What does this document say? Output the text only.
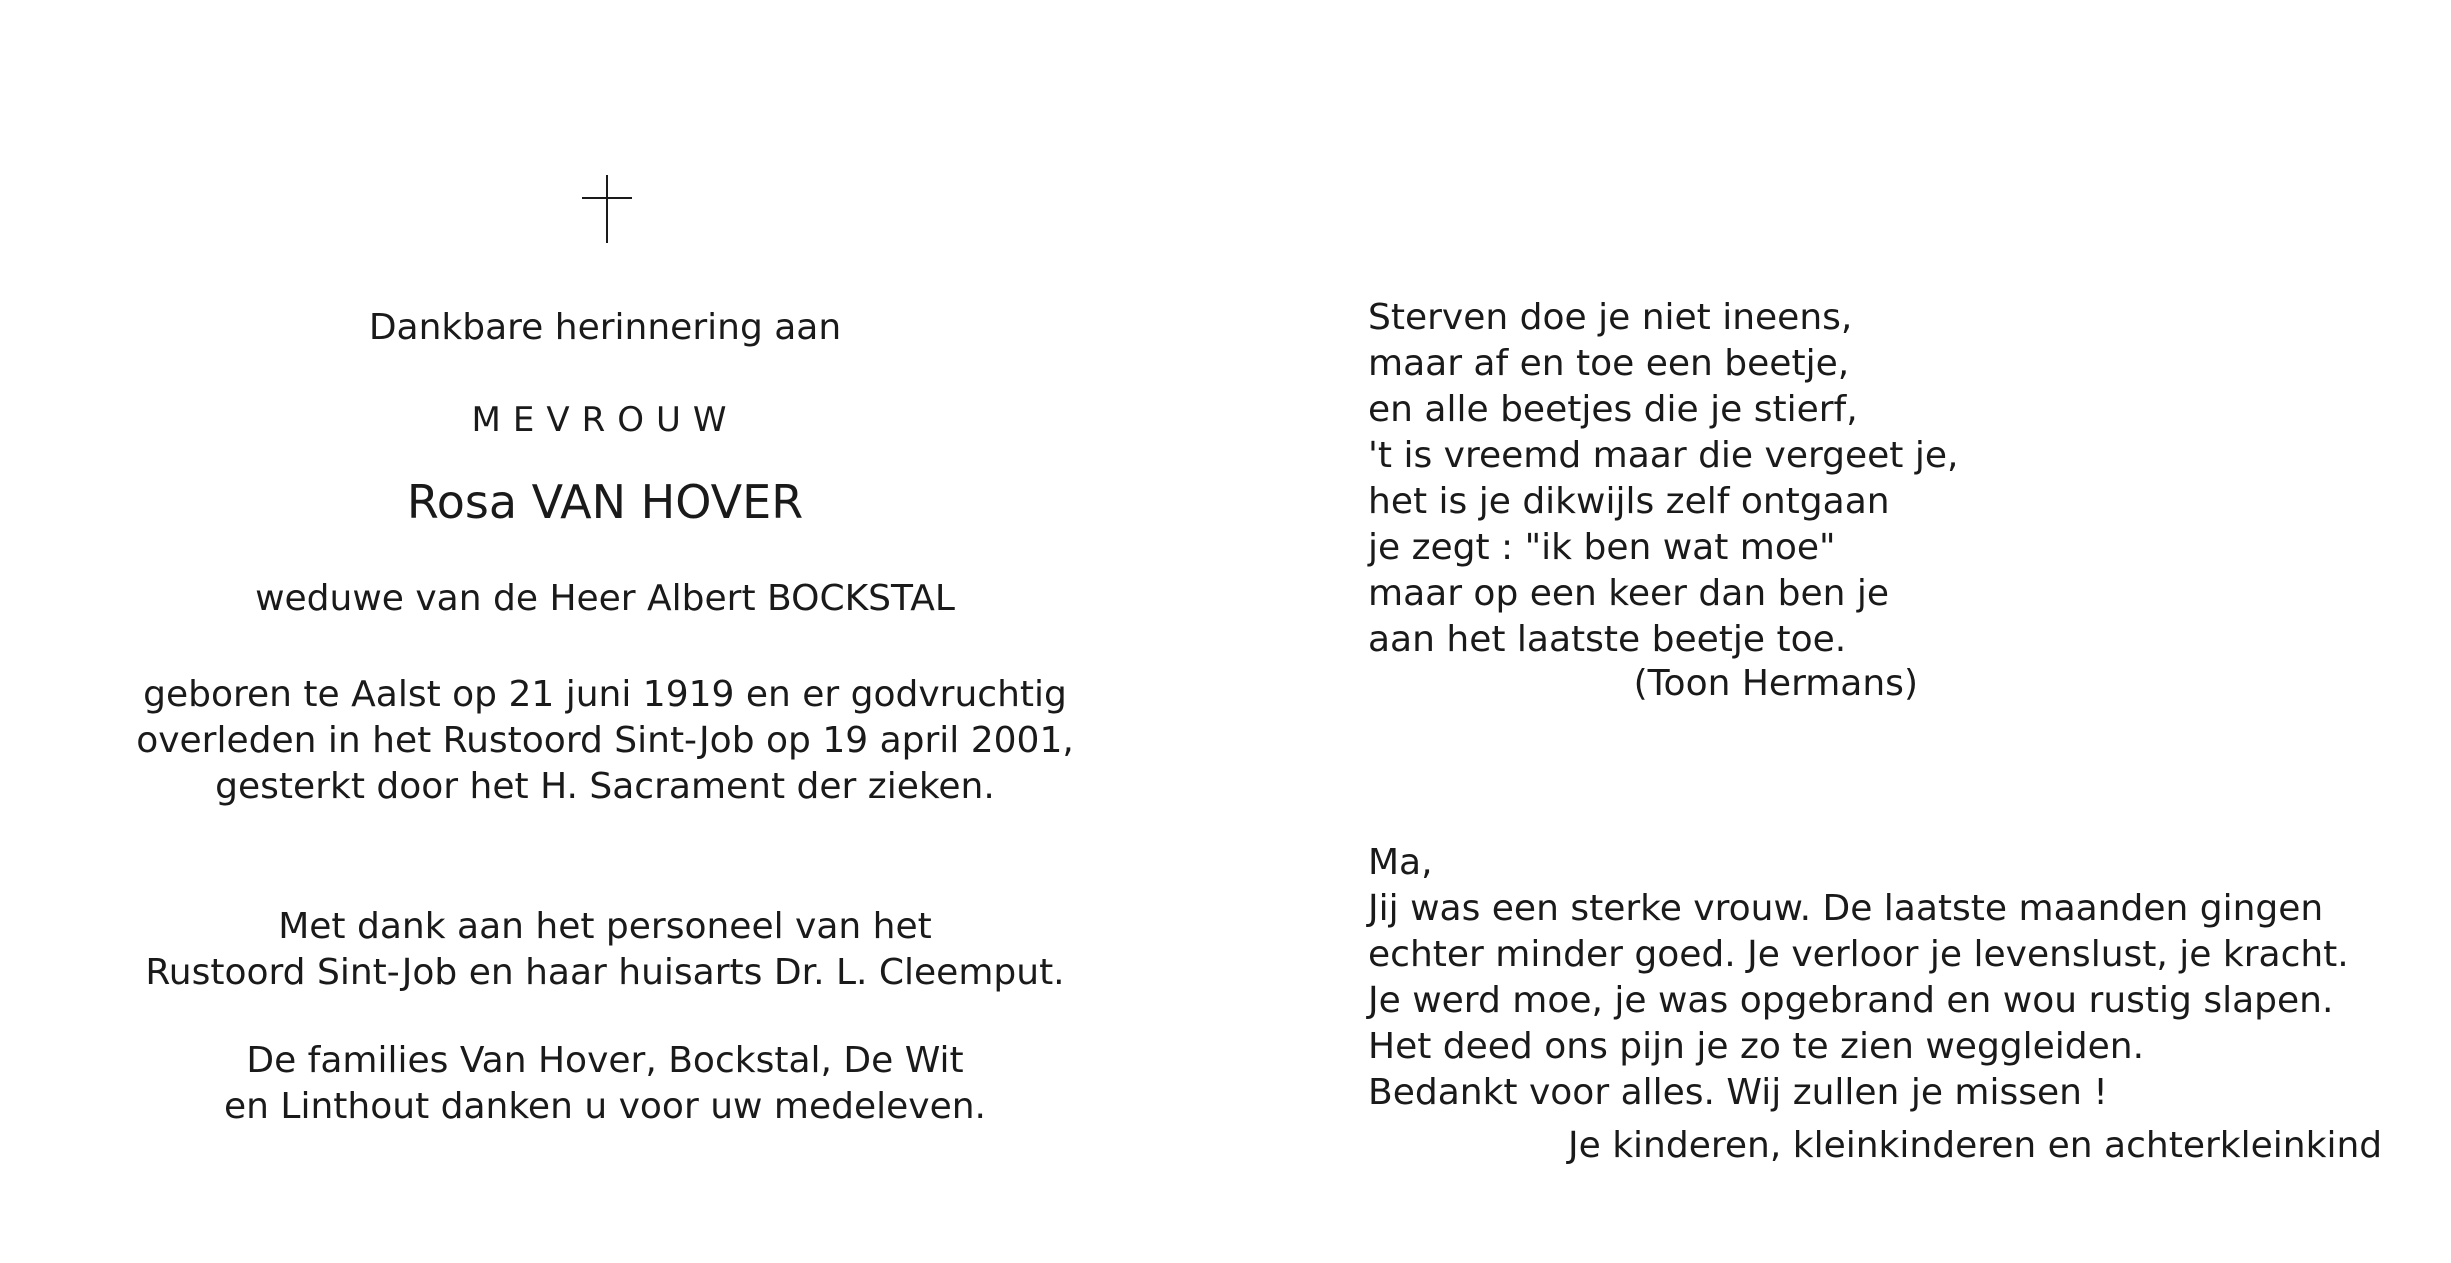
Dankbare herinnering aan
MEVROUW
Rosa VAN HOVER
weduwe van de Heer Albert BOCKSTAL
geboren te Aalst op 21 juni 1919 en er godvruchtig
overleden in het Rustoord Sint-Job op 19 april 2001,
gesterkt door het H. Sacrament der zieken.
Met dank aan het personeel van het
Rustoord Sint-Job en haar huisarts Dr. L. Cleemput.
De families Van Hover, Bockstal, De Wit
en Linthout danken u voor uw medeleven.
Sterven doe je niet ineens,
maar af en toe een beetje,
en alle beetjes die je stierf,
't is vreemd maar die vergeet je,
het is je dikwijls zelf ontgaan
je zegt : "ik ben wat moe"
maar op een keer dan ben je
aan het laatste beetje toe.
(Toon Hermans)
Ma,
Jij was een sterke vrouw. De laatste maanden gingen
echter minder goed. Je verloor je levenslust, je kracht.
Je werd moe, je was opgebrand en wou rustig slapen.
Het deed ons pijn je zo te zien weggleiden.
Bedankt voor alles. Wij zullen je missen !
Je kinderen, kleinkinderen en achterkleinkind
